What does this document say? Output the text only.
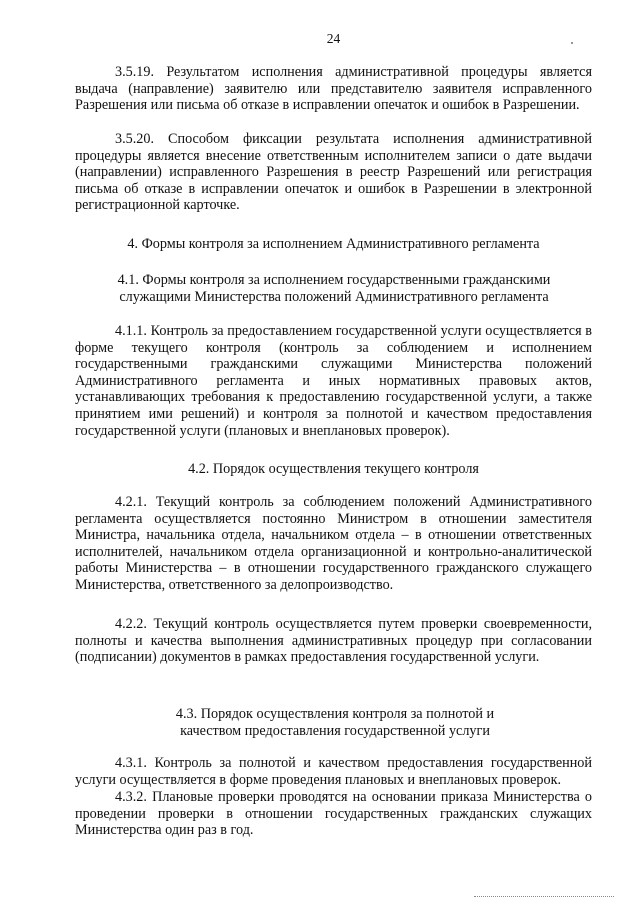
24

3.5.19. Результатом исполнения административной процедуры является выдача (направление) заявителю или представителю заявителя исправленного Разрешения или письма об отказе в исправлении опечаток и ошибок в Разрешении.

3.5.20. Способом фиксации результата исполнения административной процедуры является внесение ответственным исполнителем записи о дате выдачи (направлении) исправленного Разрешения в реестр Разрешений или регистрация письма об отказе в исправлении опечаток и ошибок в Разрешении в электронной регистрационной карточке.

4. Формы контроля за исполнением Административного регламента

4.1. Формы контроля за исполнением государственными гражданскими служащими Министерства положений Административного регламента

4.1.1. Контроль за предоставлением государственной услуги осуществляется в форме текущего контроля (контроль за соблюдением и исполнением государственными гражданскими служащими Министерства положений Административного регламента и иных нормативных правовых актов, устанавливающих требования к предоставлению государственной услуги, а также принятием ими решений) и контроля за полнотой и качеством предоставления государственной услуги (плановых и внеплановых проверок).

4.2. Порядок осуществления текущего контроля

4.2.1. Текущий контроль за соблюдением положений Административного регламента осуществляется постоянно Министром в отношении заместителя Министра, начальника отдела, начальником отдела – в отношении ответственных исполнителей, начальником отдела организационной и контрольно-аналитической работы Министерства – в отношении государственного гражданского служащего Министерства, ответственного за делопроизводство.

4.2.2. Текущий контроль осуществляется путем проверки своевременности, полноты и качества выполнения административных процедур при согласовании (подписании) документов в рамках предоставления государственной услуги.

4.3. Порядок осуществления контроля за полнотой и качеством предоставления государственной услуги

4.3.1. Контроль за полнотой и качеством предоставления государственной услуги осуществляется в форме проведения плановых и внеплановых проверок.

4.3.2. Плановые проверки проводятся на основании приказа Министерства о проведении проверки в отношении государственных гражданских служащих Министерства один раз в год.
